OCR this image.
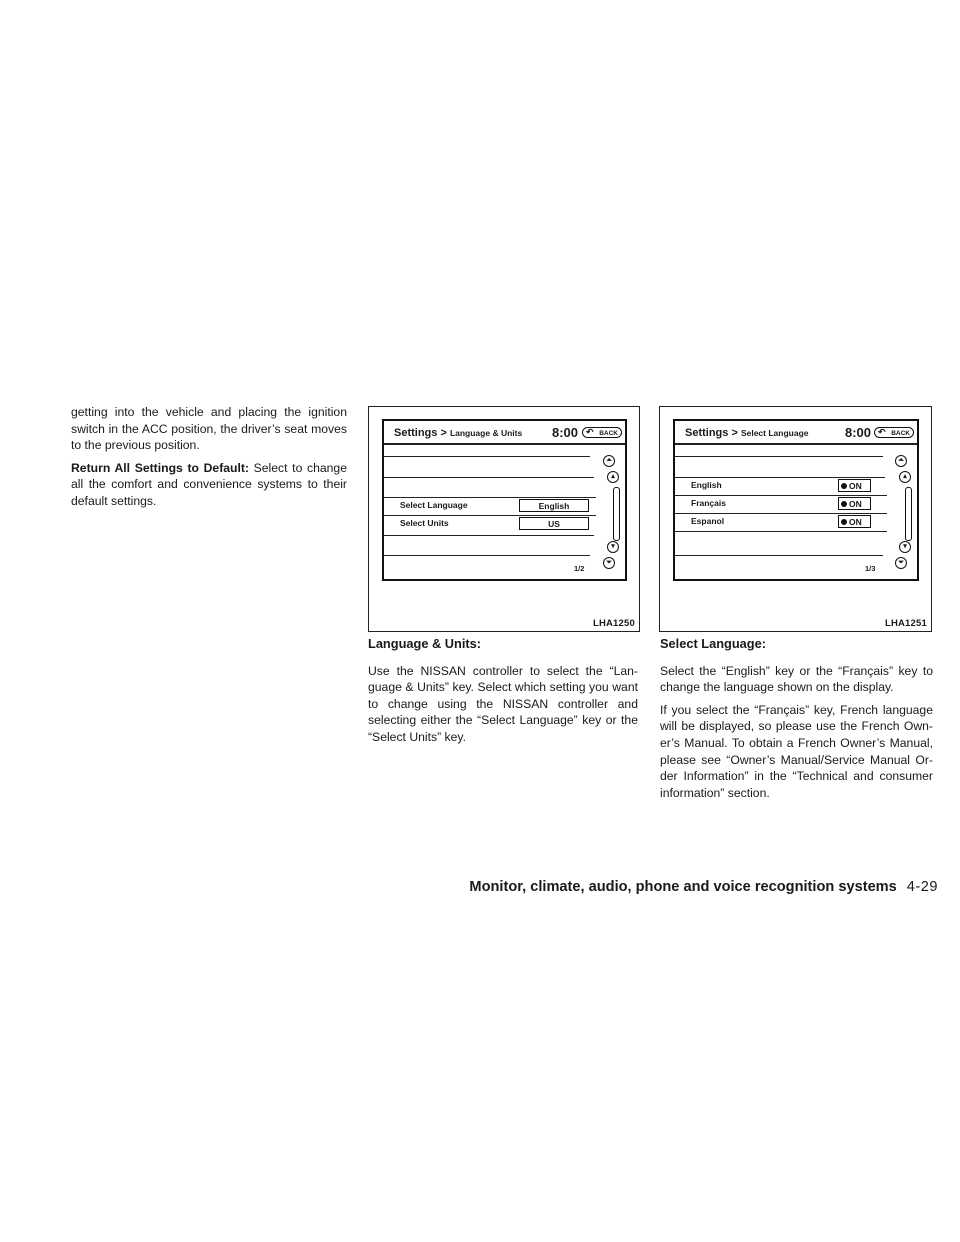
getting into the vehicle and placing the ignition switch in the ACC position, the driver’s seat moves to the previous position.

Return All Settings to Default: Select to change all the comfort and convenience systems to their default settings.

Settings > Language & Units 8:00 ↶ BACK
Select Language	English
Select Units	US
⏶
▴
▾
⏷
1/2
LHA1250
Settings > Select Language	8:00 ↶ BACK
English	ON
Français	ON
Espanol	ON
⏶
▴
▾
⏷
1/3
LHA1251
Language & Units:

Use the NISSAN controller to select the “Lan-guage & Units” key. Select which setting you want to change using the NISSAN controller and selecting either the “Select Language” key or the “Select Units” key.

Select Language:

Select the “English” key or the “Français” key to change the language shown on the display.

If you select the “Français” key, French language will be displayed, so please use the French Own-er’s Manual. To obtain a French Owner’s Manual, please see “Owner’s Manual/Service Manual Or-der Information” in the “Technical and consumer information” section.

Monitor, climate, audio, phone and voice recognition systems 4-29
